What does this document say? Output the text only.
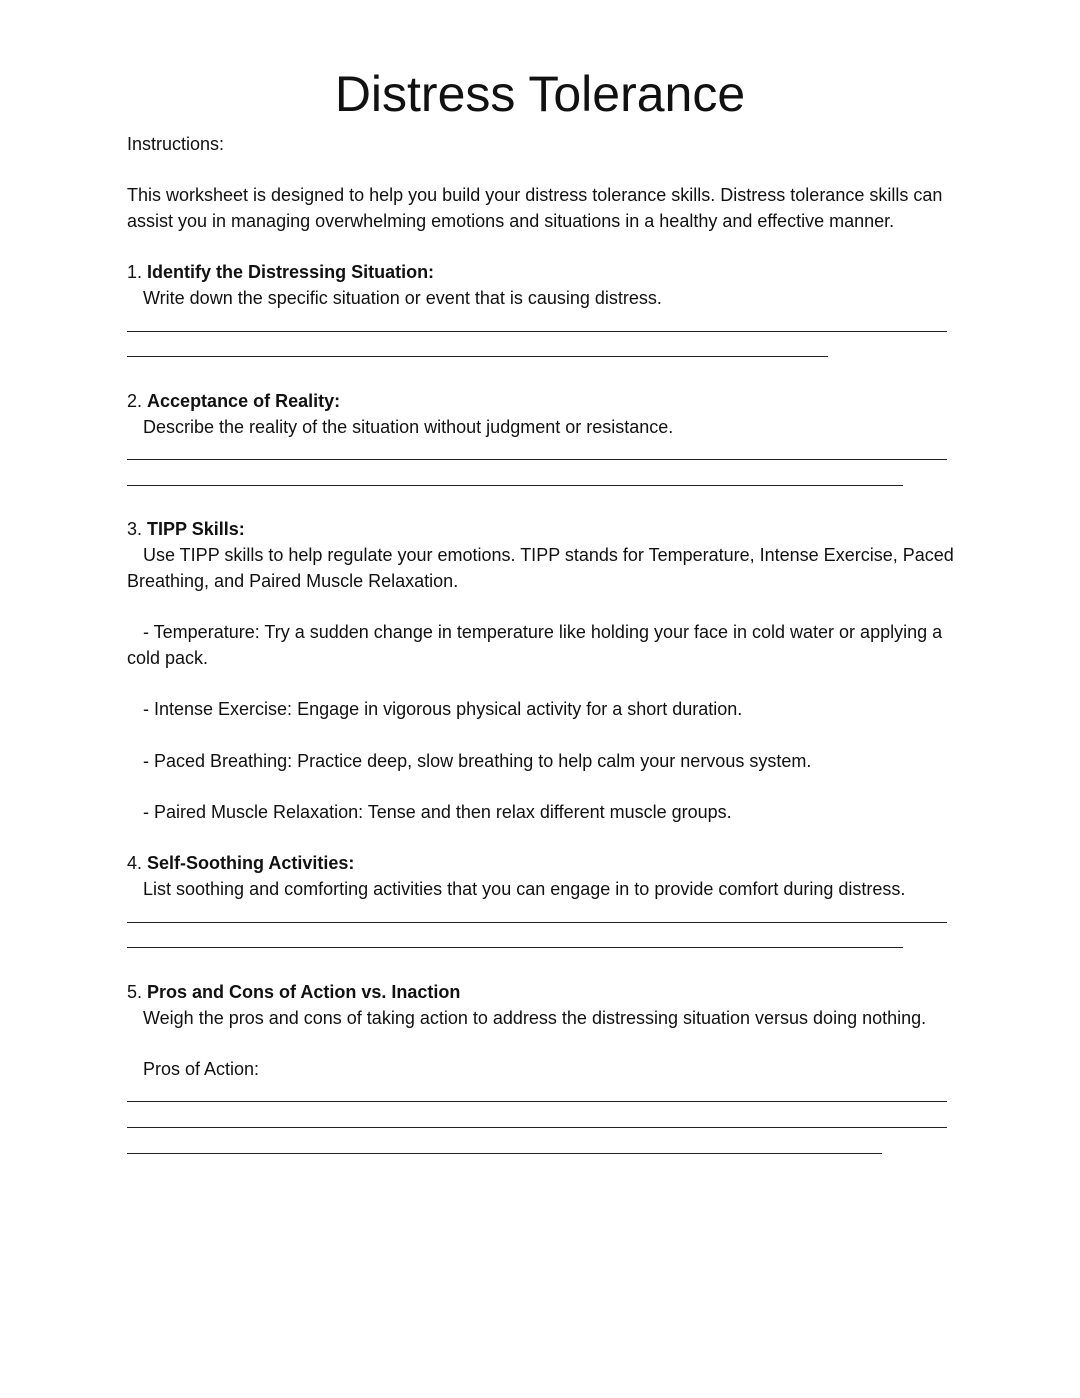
Distress Tolerance

Instructions:

This worksheet is designed to help you build your distress tolerance skills. Distress tolerance skills can assist you in managing overwhelming emotions and situations in a healthy and effective manner.

1. Identify the Distressing Situation:

Write down the specific situation or event that is causing distress.

2. Acceptance of Reality:

Describe the reality of the situation without judgment or resistance.

3. TIPP Skills:

Use TIPP skills to help regulate your emotions. TIPP stands for Temperature, Intense Exercise, Paced Breathing, and Paired Muscle Relaxation.

- Temperature: Try a sudden change in temperature like holding your face in cold water or applying a cold pack.

- Intense Exercise: Engage in vigorous physical activity for a short duration.

- Paced Breathing: Practice deep, slow breathing to help calm your nervous system.

- Paired Muscle Relaxation: Tense and then relax different muscle groups.

4. Self-Soothing Activities:

List soothing and comforting activities that you can engage in to provide comfort during distress.

5. Pros and Cons of Action vs. Inaction

Weigh the pros and cons of taking action to address the distressing situation versus doing nothing.

Pros of Action:
